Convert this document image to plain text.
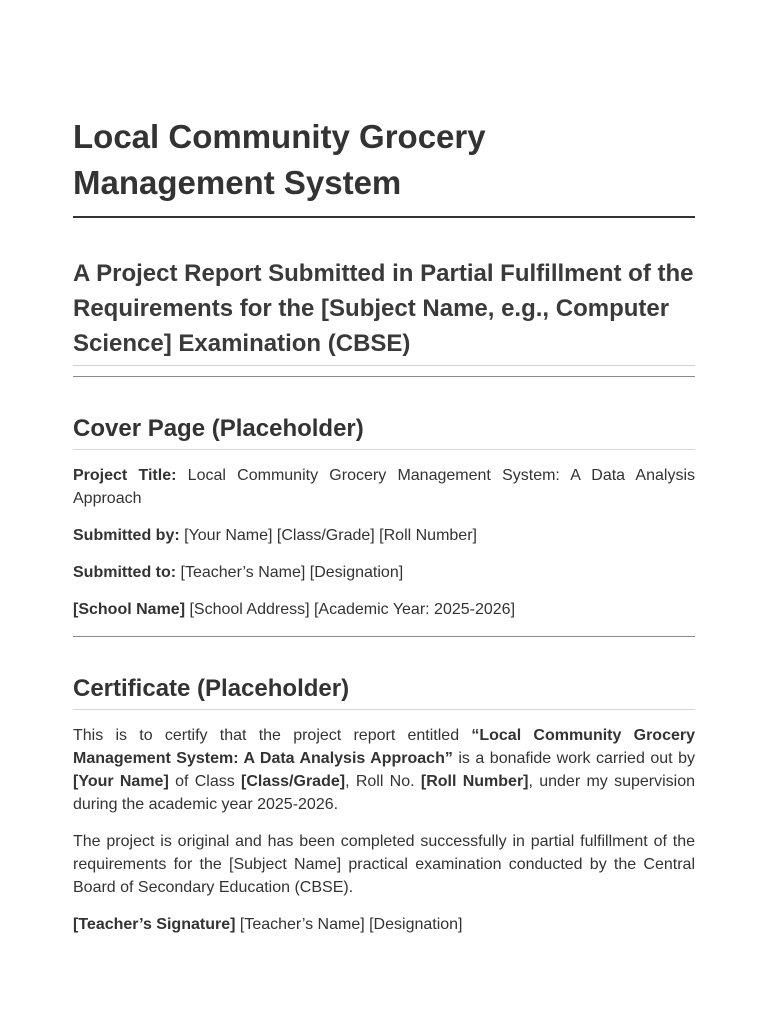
Local Community Grocery Management System
A Project Report Submitted in Partial Fulfillment of the Requirements for the [Subject Name, e.g., Computer Science] Examination (CBSE)
Cover Page (Placeholder)

Project Title: Local Community Grocery Management System: A Data Analysis Approach

Submitted by: [Your Name] [Class/Grade] [Roll Number]

Submitted to: [Teacher’s Name] [Designation]

[School Name] [School Address] [Academic Year: 2025-2026]

Certificate (Placeholder)

This is to certify that the project report entitled “Local Community Grocery Management System: A Data Analysis Approach” is a bonafide work carried out by [Your Name] of Class [Class/Grade], Roll No. [Roll Number], under my supervision during the academic year 2025-2026.

The project is original and has been completed successfully in partial fulfillment of the requirements for the [Subject Name] practical examination conducted by the Central Board of Secondary Education (CBSE).

[Teacher’s Signature] [Teacher’s Name] [Designation]
